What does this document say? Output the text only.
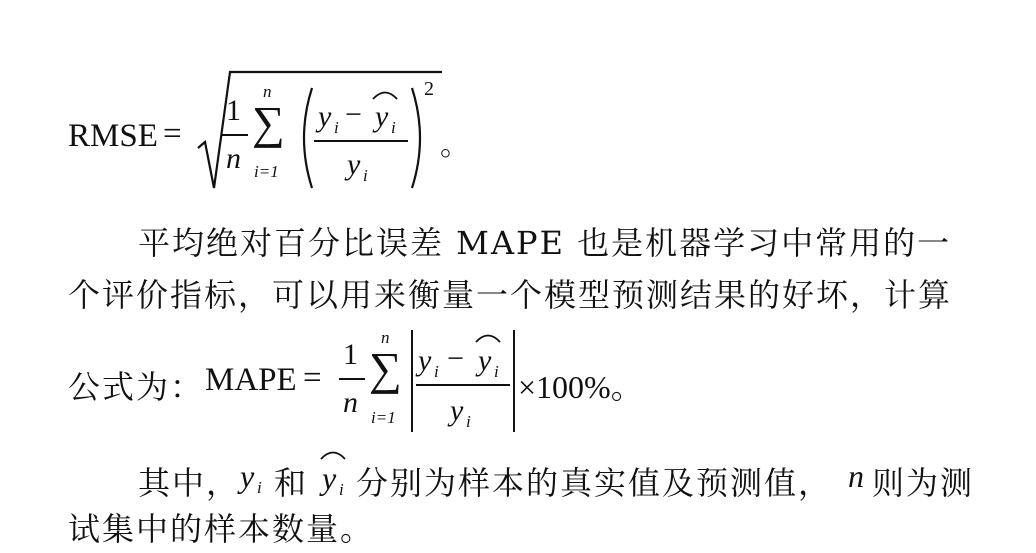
RMSE =
1
n
n
∑
i=1
y i − y i
y i
2
。
平均绝对百分比误差 MAPE 也是机器学习中常用的一
个评价指标，可以用来衡量一个模型预测结果的好坏，计算
公式为： MAPE =
1
n
n
∑
i=1
y i − y i
y i
×100%。
其中， y i 和 y i 分别为样本的真实值及预测值， n 则为测
试集中的样本数量。
